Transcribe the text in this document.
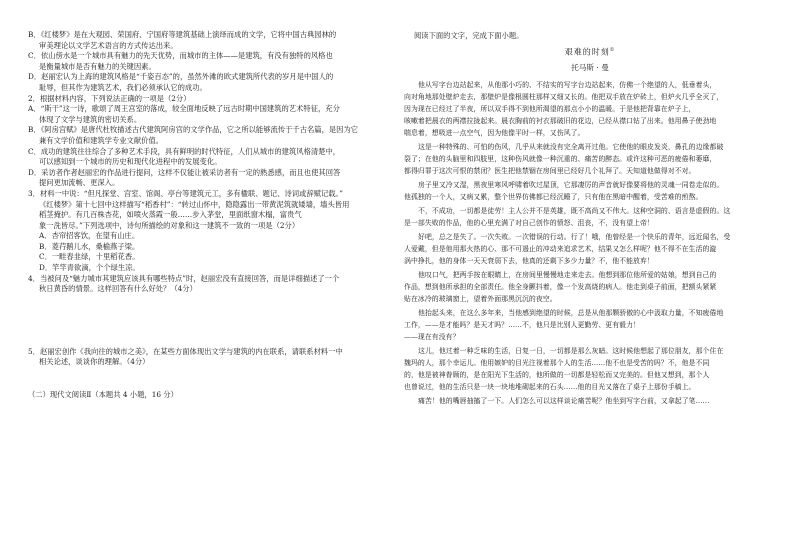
B．《红楼梦》是在大观园、荣国府、宁国府等建筑基础上演绎而成的文学，它将中国古典园林的
审美理论以文学艺术语言的方式传达出来。
C．依山傍水是一个城市具有魅力的先天优势，而城市的主体——是建筑，有没有独特的风格也
是衡量城市是否有魅力的关键因素。
D．赵丽宏认为上海的建筑风格是“千姿百态”的，虽然外滩的欧式建筑所代表的岁月是中国人的
耻辱，但其作为建筑艺术，我们必须承认它的成功。
2．根据材料内容，下列说法正确的一项是（2分）
A．“斯干”这一诗，歌颂了周王宫室的落成，较全面地反映了远古时期中国建筑的艺术特征，充分
体现了文学与建筑的密切关系。
B．《阿房宫赋》是唐代杜牧描述古代建筑阿房宫的文学作品，它之所以能够流传于千古名篇，是因为它
兼有文学价值和建筑学专业文献价值。
C．成功的建筑往往综合了多种艺术手段，具有鲜明的时代特征，人们从城市的建筑风格清楚中，
可以感知到一个城市的历史和现代化进程中的发展变化。
D．采访者作者赵丽宏的作品进行提问，这样不仅能让被采访者有一定的熟悉感，而且也使其回答
提问更加流畅、更深入。
3．材料一中说：“但凡探堂、宫室、馆阁、亭台等建筑元工，多有楹联、题记、诗词或辞赋记载。”
《红楼梦》第十七回中这样描写“稻香村”：“转过山怀中，隐隐露出一带黄泥筑就矮墙，墙头皆用
稻茎掩护。有几百株杏花，如喷火蒸霞一般……步入茅堂，里面纸窗木榻，富贵气
象一洗皆尽。”下列选项中，诗句所描绘的对象和这一建筑不一致的一项是（2分）
A．杏帘招客饮，在望有山庄。
B．菱荇鹅儿水，桑榆燕子梁。
C．一畦春韭绿，十里稻花香。
D．竿竿青欲滴，个个绿生凉。
4．当被问及“魅力城市其建筑应该具有哪些特点”时，赵丽宏没有直接回答，而是详细描述了一个
秋日黄昏的情景。这样回答有什么好处？（4分）
5．赵丽宏创作《我向往的城市之美》，在某些方面体现出文学与建筑的内在联系，请联系材料一中
相关论述，谈谈你的理解。（4分）
（二）现代文阅读Ⅱ（本题共 4 小题，16 分）
阅读下面的文字，完成下面小题。
艰难的时刻①
托马斯 · 曼
他从写字台边站起来，从他那小巧的、不结实的写字台边站起来，仿佛一个绝望的人，低垂着头，
向对角地那处壁炉走去，那壁炉是像根圆柱那样又细又长的。他把双手放在炉砖上，但炉火几乎全灭了，
因为现在已经过了半夜，所以双手得不到他所渴望的那点小小的温暖。于是他把背靠在炉子上，
咳嗽着把晨衣的两襟拉拢起来。晨衣胸前的衬衣那破旧的花边，已经从襟口钻了出来。他用鼻子使劲地
喘息着，想吸进一点空气，因为他像平时一样，又伤风了。
这是一种特殊的、可怕的伤风，几乎从来就没有完全离开过他。它使他的眼皮发炎，鼻孔的边缘都破
裂了；在他的头脑里和四肢里，这种伤风就像一种沉重的、痛苦的醉态。或许这种可恶的疲倦和萎靡，
都得归罪于这次可恨的禁闭？医生把他禁锢在房间里已经好几个礼拜了。天知道他做得对不对。
房子里又冷又湿，黑夜里寒风呼啸着吹过屋顶，它那凄厉的声音就好像要将他的灵魂一同卷走似的。
他孤独的一个人，又病又累，整个世界仿佛都已经沉睡了，只有他在黑暗中醒着，受苦难的煎熬。
不，不成功，一切都是徒劳！主人公并不是英雄，既不高尚又不伟大。这种空洞的、语言是虚假的。这
是一部失败的作品，他的心里充满了对自己创作的愤怒、沮丧，不，没有望上帝！
好吧，总之是失了。一次失败。一次错误的行动。行了！哦，他曾经是一个快乐的青年，远近闻名，受
人爱戴，但是他用那火热的心、那不可遏止的冲动来追求艺术，结果又怎么样呢？他不得不在生活的漩
涡中挣扎，他的身体一天天衰弱下去，他真的还剩下多少力量？不，他不能放弃！
他叹口气，把两手按在眼睛上，在房间里慢慢地走来走去。他想到那位他所爱的姑娘，想到自己的
作品，想到他所承担的全部责任。他全身颤抖着，像一个发高烧的病人。他走到桌子前面，把额头紧紧
贴在冰冷的玻璃窗上，望着外面那黑沉沉的夜空。
他抬起头来，在这么多年来，当他感到绝望的时候，总是从他那颗骄傲的心中汲取力量，不知疲倦地
工作，——是才能吗？是天才吗？……不，他只是比别人更勤劳、更有毅力！
——现在有没有？
这儿，他过着一种乏味的生活，日复一日，一切都是那么灰暗。这时候他想起了那位朋友，那个住在
魏玛的人，那个幸运儿。他用嫉妒的目光注视着那个人的生活……他不也是受苦的吗？不，他是不同
的，他是被神眷顾的，是在阳光下生活的，他所做的一切都是轻松而又完美的。但他又想到，那个人
也曾说过，他的生活只是一块一块地堆砌起来的石头……他的目光又落在了桌子上那份手稿上。
痛苦！他的嘴唇抽搐了一下。人们怎么可以这样谈论痛苦呢？他坐到写字台前，又拿起了笔……
